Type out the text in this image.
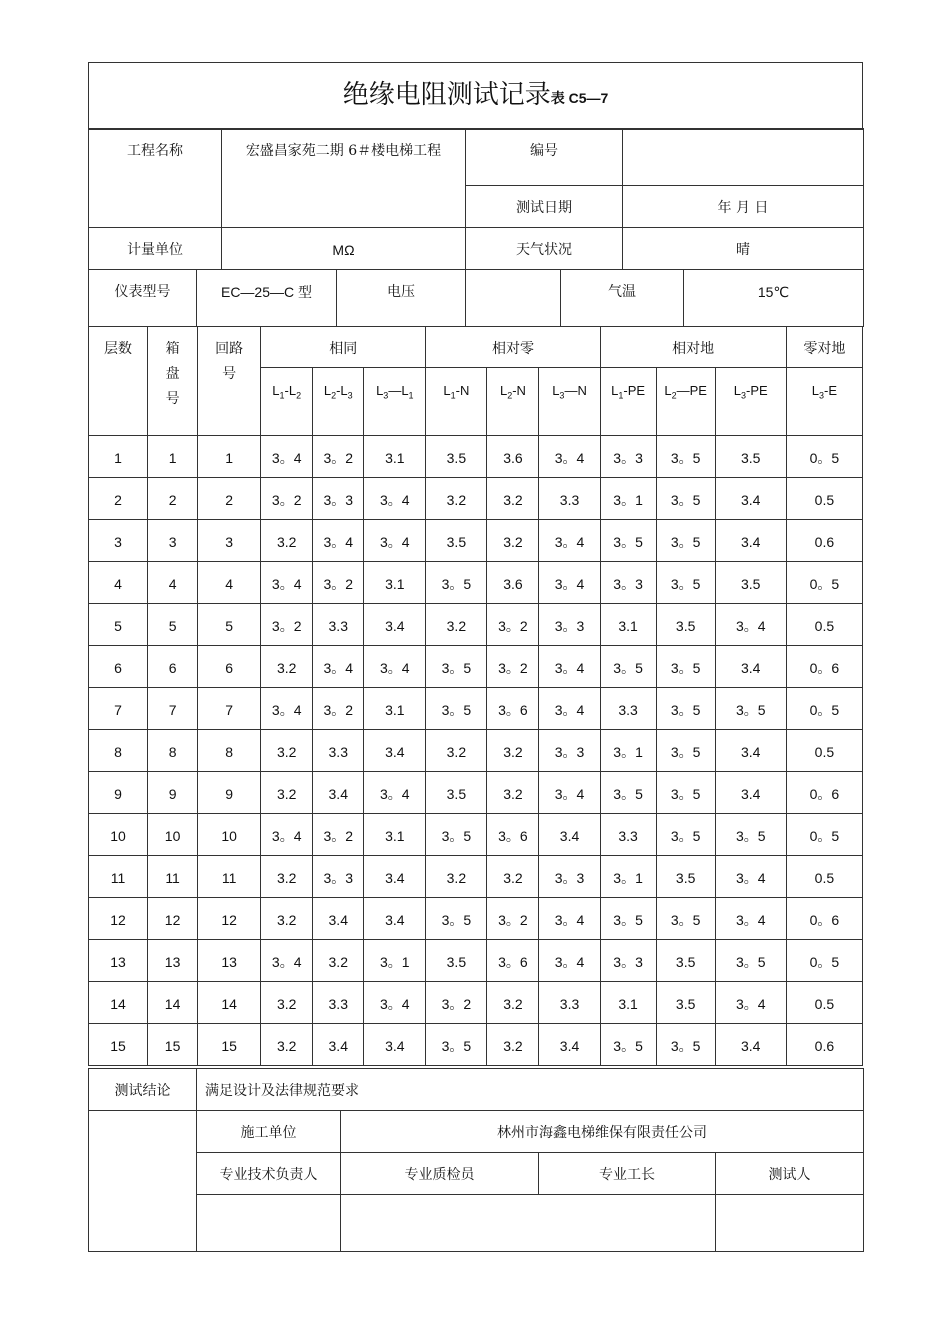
绝缘电阻测试记录表 C5—7
工程名称	宏盛昌家苑二期 6＃楼电梯工程	编号	
		测试日期	年 月 日
计量单位	MΩ	天气状况	晴
仪表型号	EC—25—C 型	电压		气温	15℃
层数	箱盘号	回路号	相同			相对零			相对地			零对地
			$L_1-L_2$	$L_2-L_3$	$L_3—L_1$	$L_1-N$	$L_2-N$	$L_3—N$	$L_1-PE$	$L_2—PE$	$L_3-PE$	$L_3-E$
1	1	1	3。4	3。2	3.1	3.5	3.6	3。4	3。3	3。5	3.5	0。5
2	2	2	3。2	3。3	3。4	3.2	3.2	3.3	3。1	3。5	3.4	0.5
3	3	3	3.2	3。4	3。4	3.5	3.2	3。4	3。5	3。5	3.4	0.6
4	4	4	3。4	3。2	3.1	3。5	3.6	3。4	3。3	3。5	3.5	0。5
5	5	5	3。2	3.3	3.4	3.2	3。2	3。3	3.1	3.5	3。4	0.5
6	6	6	3.2	3。4	3。4	3。5	3。2	3。4	3。5	3。5	3.4	0。6
7	7	7	3。4	3。2	3.1	3。5	3。6	3。4	3.3	3。5	3。5	0。5
8	8	8	3.2	3.3	3.4	3.2	3.2	3。3	3。1	3。5	3.4	0.5
9	9	9	3.2	3.4	3。4	3.5	3.2	3。4	3。5	3。5	3.4	0。6
10	10	10	3。4	3。2	3.1	3。5	3。6	3.4	3.3	3。5	3。5	0。5
11	11	11	3.2	3。3	3.4	3.2	3.2	3。3	3。1	3.5	3。4	0.5
12	12	12	3.2	3.4	3.4	3。5	3。2	3。4	3。5	3。5	3。4	0。6
13	13	13	3。4	3.2	3。1	3.5	3。6	3。4	3。3	3.5	3。5	0。5
14	14	14	3.2	3.3	3。4	3。2	3.2	3.3	3.1	3.5	3。4	0.5
15	15	15	3.2	3.4	3.4	3。5	3.2	3.4	3。5	3。5	3.4	0.6
测试结论	满足设计及法律规范要求			
	施工单位	林州市海鑫电梯维保有限责任公司		
	专业技术负责人	专业质检员	专业工长	测试人
